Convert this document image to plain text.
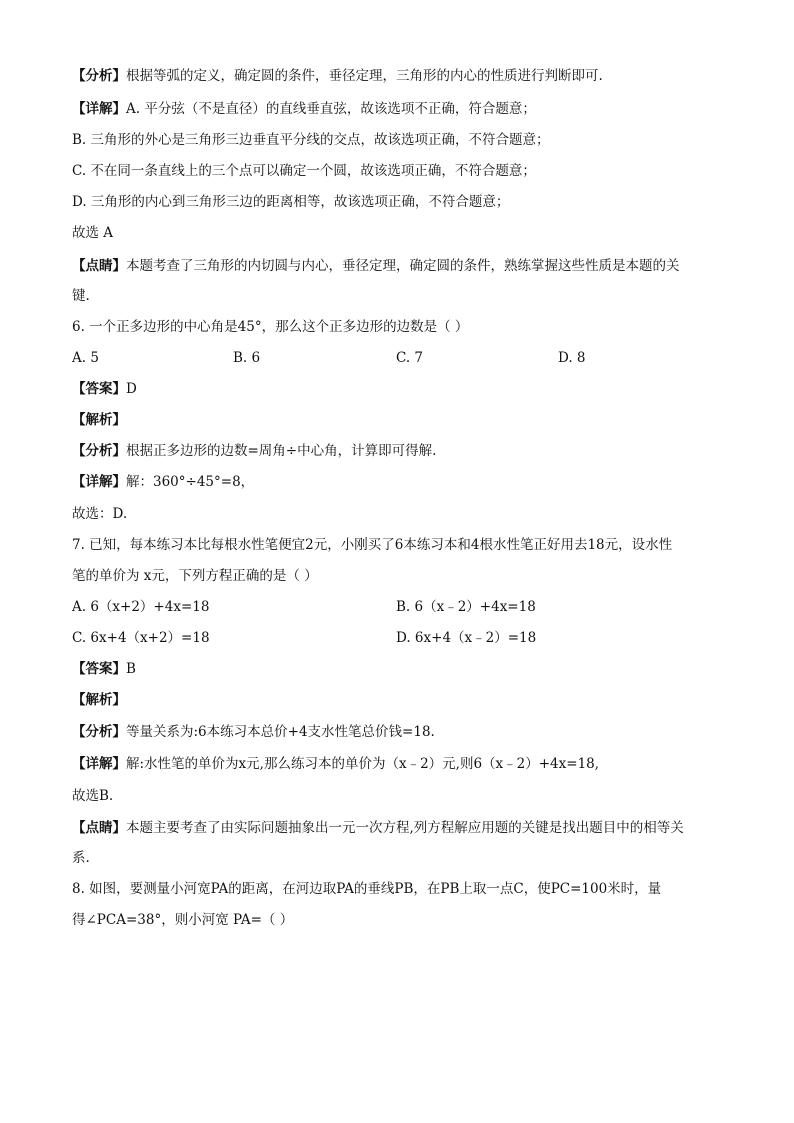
【分析】根据等弧的定义，确定圆的条件，垂径定理，三角形的内心的性质进行判断即可.
【详解】A. 平分弦（不是直径）的直线垂直弦，故该选项不正确，符合题意；
B. 三角形的外心是三角形三边垂直平分线的交点，故该选项正确，不符合题意；
C. 不在同一条直线上的三个点可以确定一个圆，故该选项正确，不符合题意；
D. 三角形的内心到三角形三边的距离相等，故该选项正确，不符合题意；
故选 A
【点睛】本题考查了三角形的内切圆与内心，垂径定理，确定圆的条件，熟练掌握这些性质是本题的关
键.
6. 一个正多边形的中心角是45°，那么这个正多边形的边数是（ ）
A. 5	B. 6	C. 7	D. 8
【答案】D
【解析】
【分析】根据正多边形的边数=周角÷中心角，计算即可得解.
【详解】解：360°÷45°=8，
故选：D.
7. 已知，每本练习本比每根水性笔便宜2元，小刚买了6本练习本和4根水性笔正好用去18元，设水性
笔的单价为 x元，下列方程正确的是（ ）
A. 6（x+2）+4x=18	B. 6（x﹣2）+4x=18
C. 6x+4（x+2）=18	D. 6x+4（x﹣2）=18
【答案】B
【解析】
【分析】等量关系为:6本练习本总价+4支水性笔总价钱=18.
【详解】解:水性笔的单价为x元,那么练习本的单价为（x﹣2）元,则6（x﹣2）+4x=18,
故选B.
【点睛】本题主要考查了由实际问题抽象出一元一次方程,列方程解应用题的关键是找出题目中的相等关
系.
8. 如图，要测量小河宽PA的距离，在河边取PA的垂线PB，在PB上取一点C，使PC=100米时，量
得∠PCA=38°，则小河宽 PA=（ ）
